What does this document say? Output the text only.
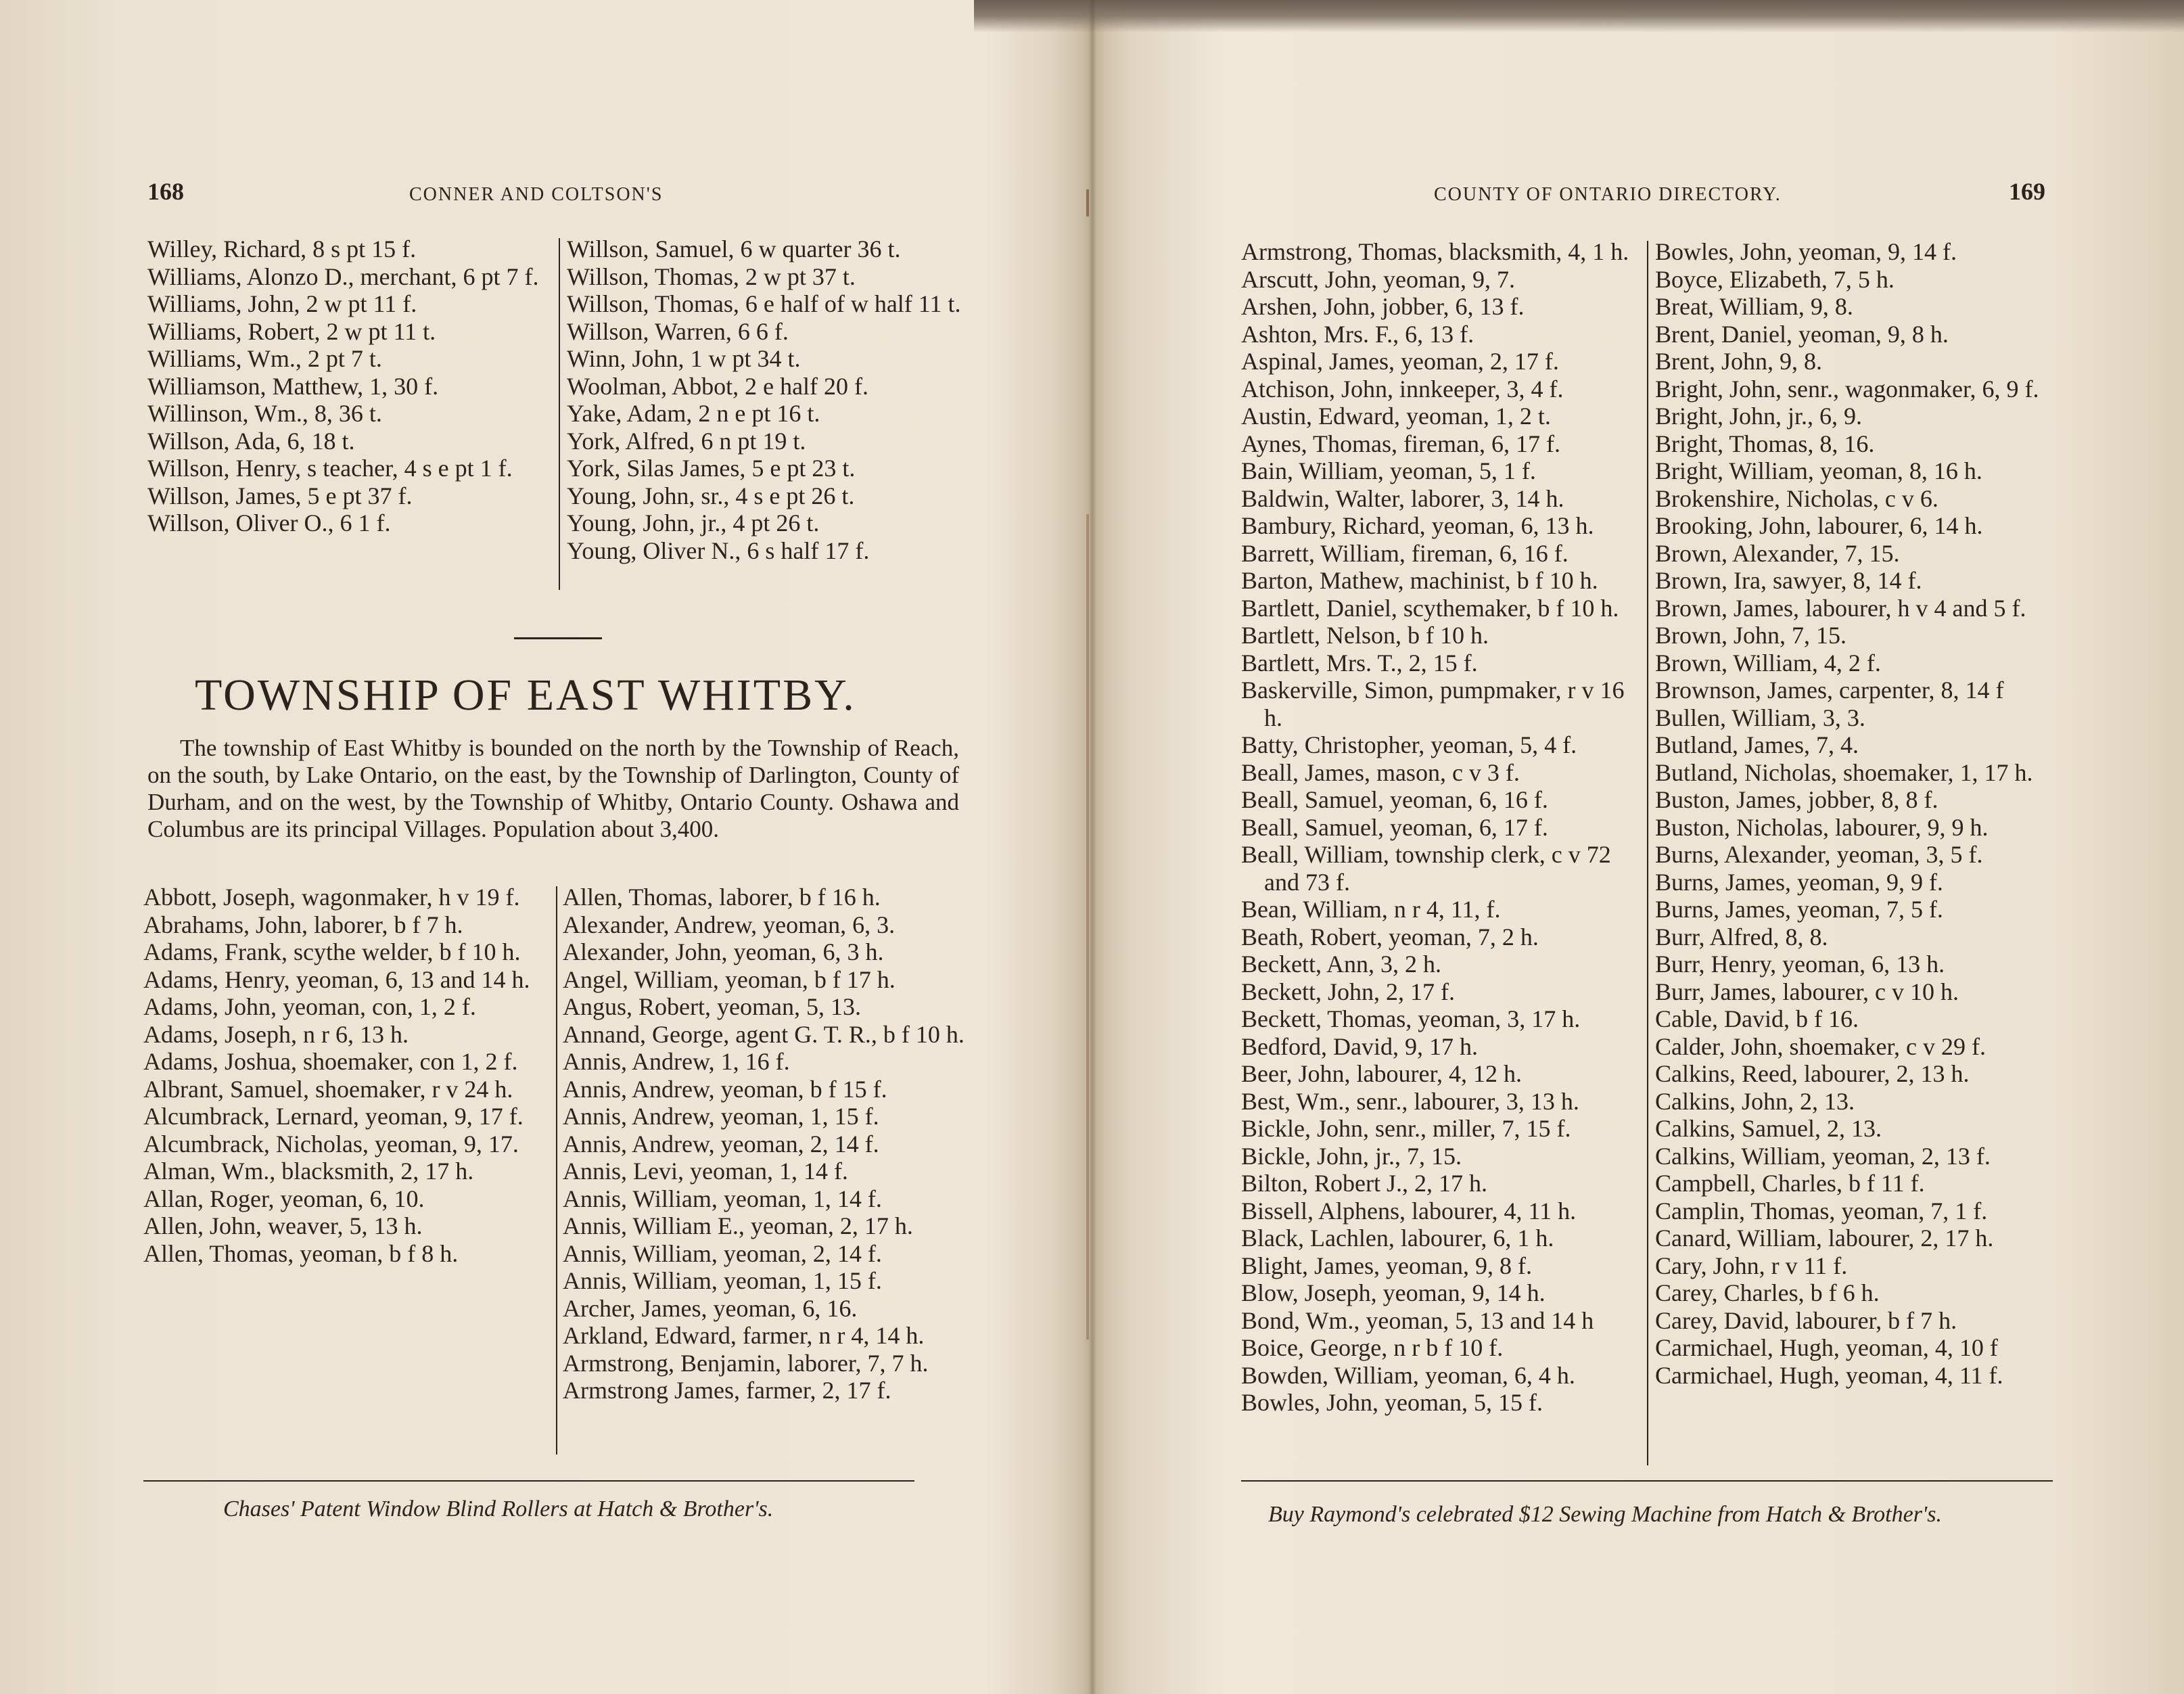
168	CONNER AND COLTSON'S
Willey, Richard, 8 s pt 15 f.
Williams, Alonzo D., merchant, 6 pt 7 f.
Williams, John, 2 w pt 11 f.
Williams, Robert, 2 w pt 11 t.
Williams, Wm., 2 pt 7 t.
Williamson, Matthew, 1, 30 f.
Willinson, Wm., 8, 36 t.
Willson, Ada, 6, 18 t.
Willson, Henry, s teacher, 4 s e pt 1 f.
Willson, James, 5 e pt 37 f.
Willson, Oliver O., 6 1 f.
Willson, Samuel, 6 w quarter 36 t.
Willson, Thomas, 2 w pt 37 t.
Willson, Thomas, 6 e half of w half 11 t.
Willson, Warren, 6 6 f.
Winn, John, 1 w pt 34 t.
Woolman, Abbot, 2 e half 20 f.
Yake, Adam, 2 n e pt 16 t.
York, Alfred, 6 n pt 19 t.
York, Silas James, 5 e pt 23 t.
Young, John, sr., 4 s e pt 26 t.
Young, John, jr., 4 pt 26 t.
Young, Oliver N., 6 s half 17 f.
TOWNSHIP OF EAST WHITBY.
The township of East Whitby is bounded on the north by the Township of Reach, on the south, by Lake Ontario, on the east, by the Township of Darlington, County of Durham, and on the west, by the Township of Whitby, Ontario County. Oshawa and Columbus are its principal Villages. Population about 3,400.
Abbott, Joseph, wagonmaker, h v 19 f.
Abrahams, John, laborer, b f 7 h.
Adams, Frank, scythe welder, b f 10 h.
Adams, Henry, yeoman, 6, 13 and 14 h.
Adams, John, yeoman, con, 1, 2 f.
Adams, Joseph, n r 6, 13 h.
Adams, Joshua, shoemaker, con 1, 2 f.
Albrant, Samuel, shoemaker, r v 24 h.
Alcumbrack, Lernard, yeoman, 9, 17 f.
Alcumbrack, Nicholas, yeoman, 9, 17.
Alman, Wm., blacksmith, 2, 17 h.
Allan, Roger, yeoman, 6, 10.
Allen, John, weaver, 5, 13 h.
Allen, Thomas, yeoman, b f 8 h.
Allen, Thomas, laborer, b f 16 h.
Alexander, Andrew, yeoman, 6, 3.
Alexander, John, yeoman, 6, 3 h.
Angel, William, yeoman, b f 17 h.
Angus, Robert, yeoman, 5, 13.
Annand, George, agent G. T. R., b f 10 h.
Annis, Andrew, 1, 16 f.
Annis, Andrew, yeoman, b f 15 f.
Annis, Andrew, yeoman, 1, 15 f.
Annis, Andrew, yeoman, 2, 14 f.
Annis, Levi, yeoman, 1, 14 f.
Annis, William, yeoman, 1, 14 f.
Annis, William E., yeoman, 2, 17 h.
Annis, William, yeoman, 2, 14 f.
Annis, William, yeoman, 1, 15 f.
Archer, James, yeoman, 6, 16.
Arkland, Edward, farmer, n r 4, 14 h.
Armstrong, Benjamin, laborer, 7, 7 h.
Armstrong James, farmer, 2, 17 f.
Chases' Patent Window Blind Rollers at Hatch & Brother's.
COUNTY OF ONTARIO DIRECTORY.	169
Armstrong, Thomas, blacksmith, 4, 1 h.
Arscutt, John, yeoman, 9, 7.
Arshen, John, jobber, 6, 13 f.
Ashton, Mrs. F., 6, 13 f.
Aspinal, James, yeoman, 2, 17 f.
Atchison, John, innkeeper, 3, 4 f.
Austin, Edward, yeoman, 1, 2 t.
Aynes, Thomas, fireman, 6, 17 f.
Bain, William, yeoman, 5, 1 f.
Baldwin, Walter, laborer, 3, 14 h.
Bambury, Richard, yeoman, 6, 13 h.
Barrett, William, fireman, 6, 16 f.
Barton, Mathew, machinist, b f 10 h.
Bartlett, Daniel, scythemaker, b f 10 h.
Bartlett, Nelson, b f 10 h.
Bartlett, Mrs. T., 2, 15 f.
Baskerville, Simon, pumpmaker, r v 16 h.
Batty, Christopher, yeoman, 5, 4 f.
Beall, James, mason, c v 3 f.
Beall, Samuel, yeoman, 6, 16 f.
Beall, Samuel, yeoman, 6, 17 f.
Beall, William, township clerk, c v 72 and 73 f.
Bean, William, n r 4, 11, f.
Beath, Robert, yeoman, 7, 2 h.
Beckett, Ann, 3, 2 h.
Beckett, John, 2, 17 f.
Beckett, Thomas, yeoman, 3, 17 h.
Bedford, David, 9, 17 h.
Beer, John, labourer, 4, 12 h.
Best, Wm., senr., labourer, 3, 13 h.
Bickle, John, senr., miller, 7, 15 f.
Bickle, John, jr., 7, 15.
Bilton, Robert J., 2, 17 h.
Bissell, Alphens, labourer, 4, 11 h.
Black, Lachlen, labourer, 6, 1 h.
Blight, James, yeoman, 9, 8 f.
Blow, Joseph, yeoman, 9, 14 h.
Bond, Wm., yeoman, 5, 13 and 14 h
Boice, George, n r b f 10 f.
Bowden, William, yeoman, 6, 4 h.
Bowles, John, yeoman, 5, 15 f.
Bowles, John, yeoman, 9, 14 f.
Boyce, Elizabeth, 7, 5 h.
Breat, William, 9, 8.
Brent, Daniel, yeoman, 9, 8 h.
Brent, John, 9, 8.
Bright, John, senr., wagonmaker, 6, 9 f.
Bright, John, jr., 6, 9.
Bright, Thomas, 8, 16.
Bright, William, yeoman, 8, 16 h.
Brokenshire, Nicholas, c v 6.
Brooking, John, labourer, 6, 14 h.
Brown, Alexander, 7, 15.
Brown, Ira, sawyer, 8, 14 f.
Brown, James, labourer, h v 4 and 5 f.
Brown, John, 7, 15.
Brown, William, 4, 2 f.
Brownson, James, carpenter, 8, 14 f
Bullen, William, 3, 3.
Butland, James, 7, 4.
Butland, Nicholas, shoemaker, 1, 17 h.
Buston, James, jobber, 8, 8 f.
Buston, Nicholas, labourer, 9, 9 h.
Burns, Alexander, yeoman, 3, 5 f.
Burns, James, yeoman, 9, 9 f.
Burns, James, yeoman, 7, 5 f.
Burr, Alfred, 8, 8.
Burr, Henry, yeoman, 6, 13 h.
Burr, James, labourer, c v 10 h.
Cable, David, b f 16.
Calder, John, shoemaker, c v 29 f.
Calkins, Reed, labourer, 2, 13 h.
Calkins, John, 2, 13.
Calkins, Samuel, 2, 13.
Calkins, William, yeoman, 2, 13 f.
Campbell, Charles, b f 11 f.
Camplin, Thomas, yeoman, 7, 1 f.
Canard, William, labourer, 2, 17 h.
Cary, John, r v 11 f.
Carey, Charles, b f 6 h.
Carey, David, labourer, b f 7 h.
Carmichael, Hugh, yeoman, 4, 10 f
Carmichael, Hugh, yeoman, 4, 11 f.
Buy Raymond's celebrated $12 Sewing Machine from Hatch & Brother's.
